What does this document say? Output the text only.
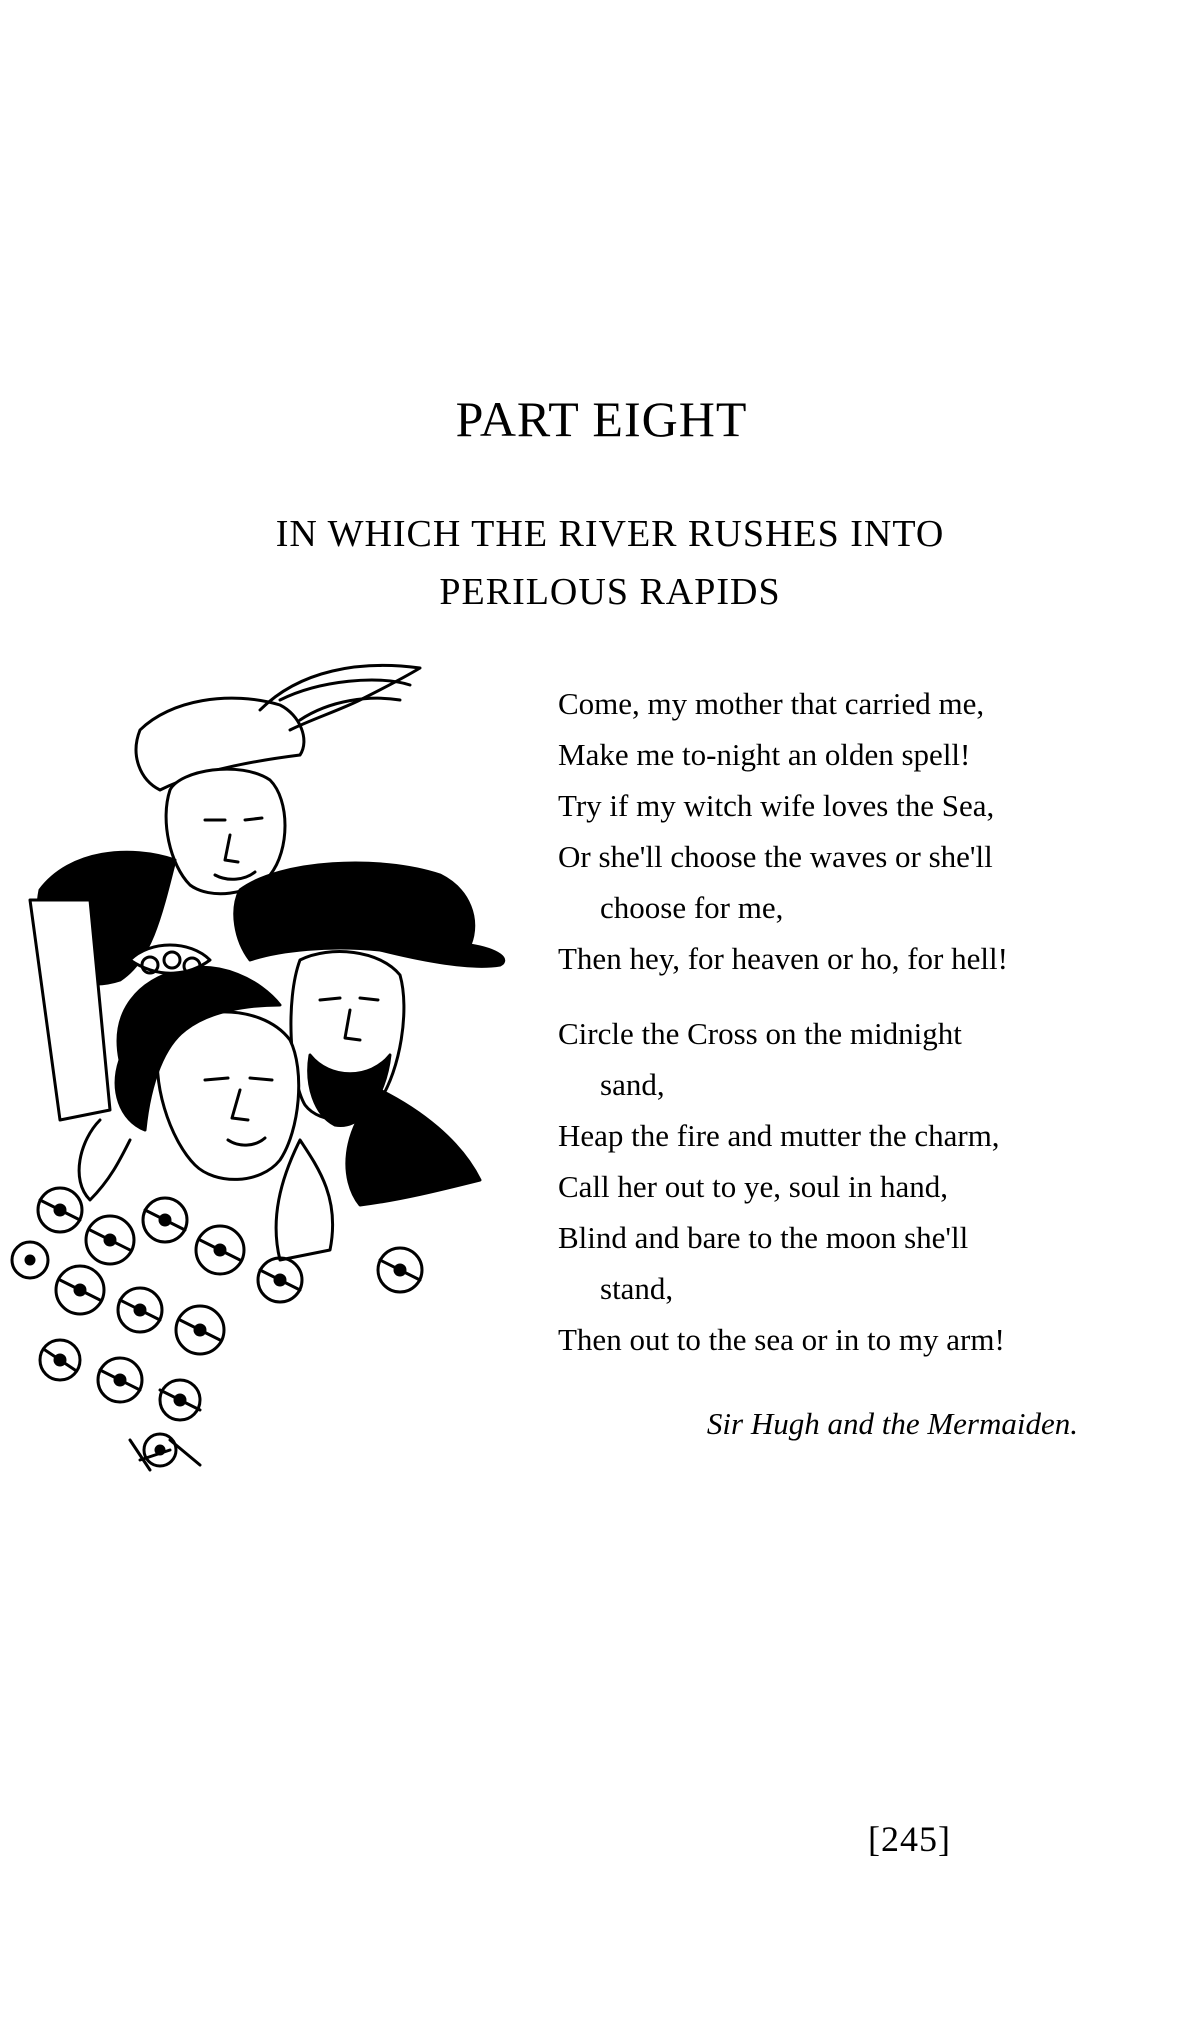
PART EIGHT
IN WHICH THE RIVER RUSHES INTO
PERILOUS RAPIDS
Come, my mother that carried me,
Make me to-night an olden spell!
Try if my witch wife loves the Sea,
Or she'll choose the waves or she'll
choose for me,
Then hey, for heaven or ho, for hell!
Circle the Cross on the midnight
sand,
Heap the fire and mutter the charm,
Call her out to ye, soul in hand,
Blind and bare to the moon she'll
stand,
Then out to the sea or in to my arm!
Sir Hugh and the Mermaiden.
[245]
